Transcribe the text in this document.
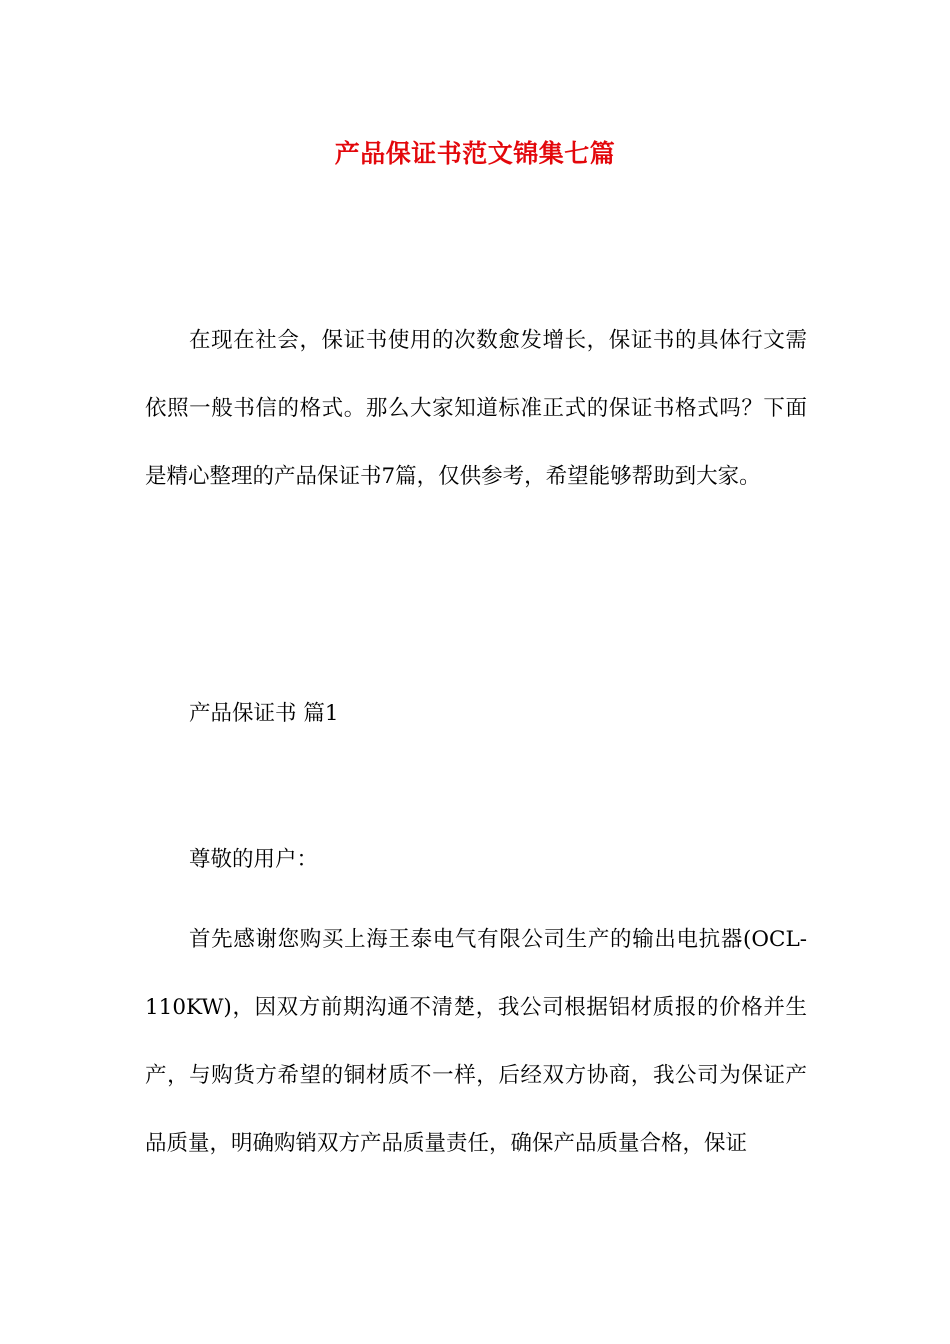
产品保证书范文锦集七篇

在现在社会，保证书使用的次数愈发增长，保证书的具体行文需依照一般书信的格式。那么大家知道标准正式的保证书格式吗？下面是精心整理的产品保证书7篇，仅供参考，希望能够帮助到大家。

产品保证书 篇1

尊敬的用户：

首先感谢您购买上海王泰电气有限公司生产的输出电抗器(OCL-110KW)，因双方前期沟通不清楚，我公司根据铝材质报的价格并生产，与购货方希望的铜材质不一样，后经双方协商，我公司为保证产品质量，明确购销双方产品质量责任，确保产品质量合格，保证
